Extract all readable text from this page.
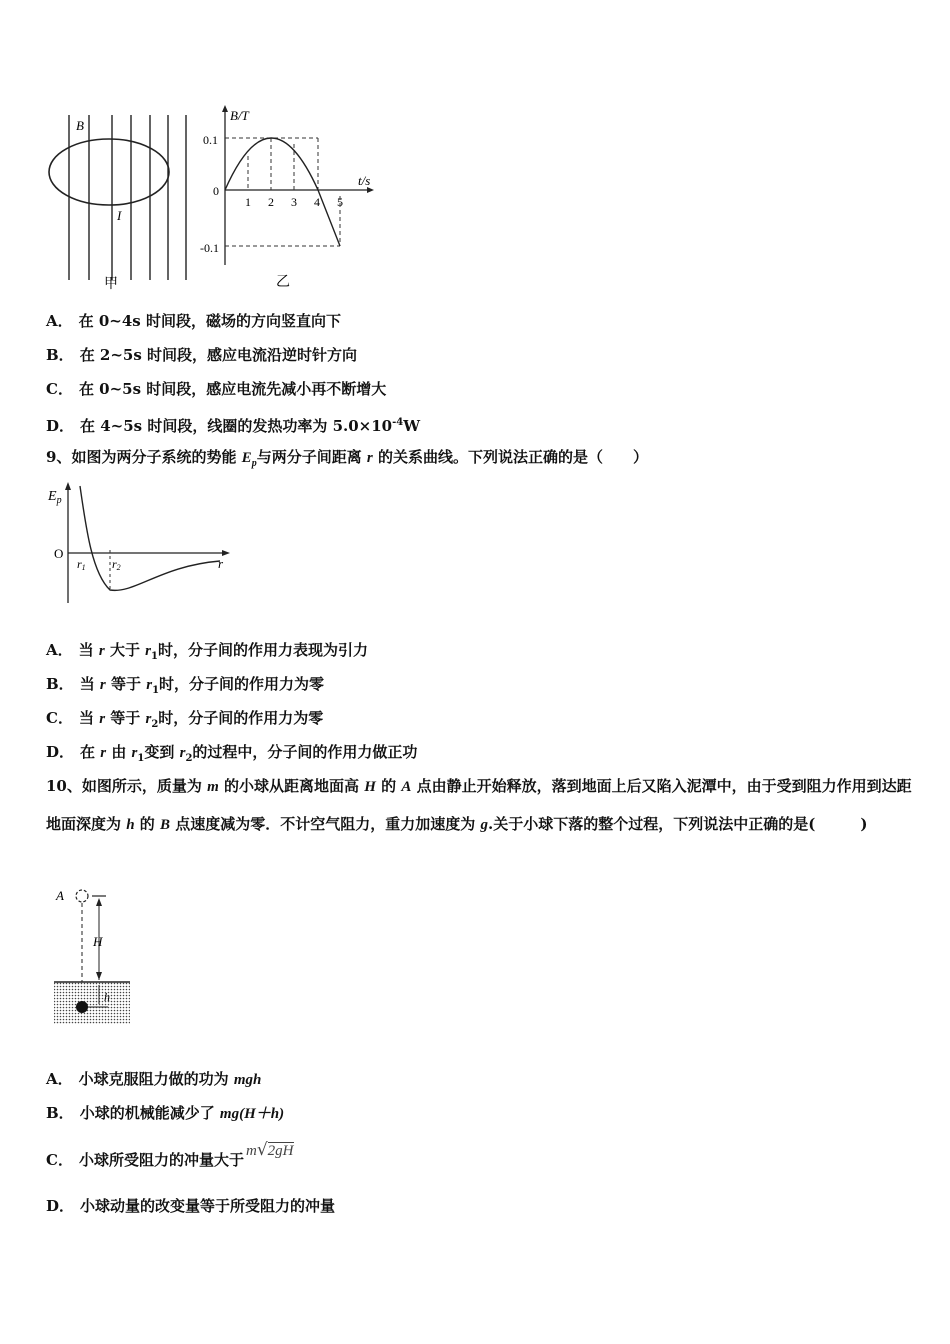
B
I
甲
B/T
t/s
0.1
0
-0.1
1 2 3 4 5
乙
A． 在 0~4s 时间段，磁场的方向竖直向下
B． 在 2~5s 时间段，感应电流沿逆时针方向
C． 在 0~5s 时间段，感应电流先减小再不断增大
D． 在 4~5s 时间段，线圈的发热功率为 $5.0\times 10^{-4}W$
9、如图为两分子系统的势能 $E_p$与两分子间距离 r 的关系曲线。下列说法正确的是（　　）
$E_p$
O
r1 r2	r
A． 当 r 大于 $r_1$时，分子间的作用力表现为引力
B． 当 r 等于 $r_1$时，分子间的作用力为零
C． 当 r 等于 $r_2$时，分子间的作用力为零
D． 在 r 由 $r_1$变到 $r_2$的过程中，分子间的作用力做正功
10、如图所示，质量为 m 的小球从距离地面高 H 的 A 点由静止开始释放，落到地面上后又陷入泥潭中，由于受到阻力作用到达距地面深度为 h 的 B 点速度减为零．不计空气阻力，重力加速度为 g.关于小球下落的整个过程，下列说法中正确的是(　　　)
A
H
h
A． 小球克服阻力做的功为 mgh
B． 小球的机械能减少了 mg(H＋h)
C． 小球所受阻力的冲量大于 m√2gH
D． 小球动量的改变量等于所受阻力的冲量
